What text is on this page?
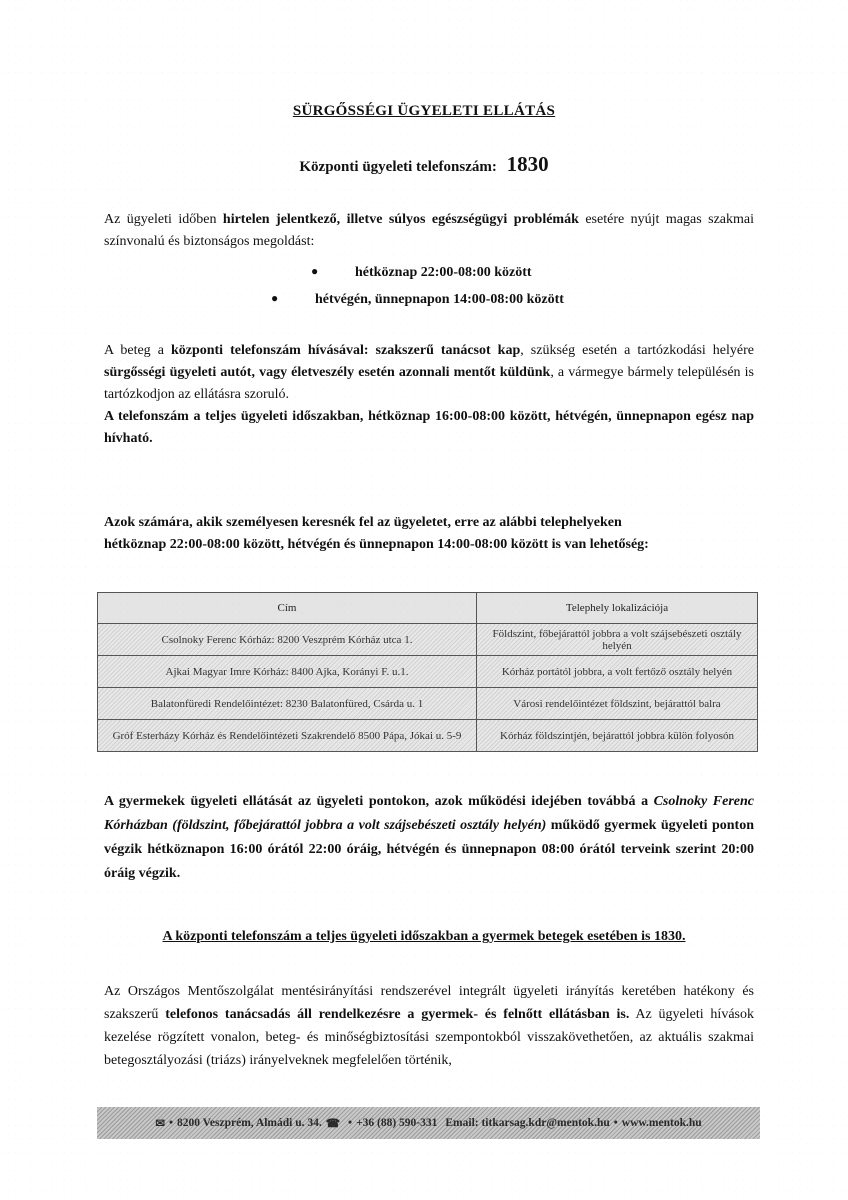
SÜRGŐSSÉGI ÜGYELETI ELLÁTÁS
Központi ügyeleti telefonszám: 1830
Az ügyeleti időben hirtelen jelentkező, illetve súlyos egészségügyi problémák esetére nyújt magas szakmai színvonalú és biztonságos megoldást:
●	hétköznap 22:00-08:00 között
●	hétvégén, ünnepnapon 14:00-08:00 között
A beteg a központi telefonszám hívásával: szakszerű tanácsot kap, szükség esetén a tartózkodási helyére sürgősségi ügyeleti autót, vagy életveszély esetén azonnali mentőt küldünk, a vármegye bármely településén is tartózkodjon az ellátásra szoruló.
A telefonszám a teljes ügyeleti időszakban, hétköznap 16:00-08:00 között, hétvégén, ünnepnapon egész nap hívható.
Azok számára, akik személyesen keresnék fel az ügyeletet, erre az alábbi telephelyeken
hétköznap 22:00-08:00 között, hétvégén és ünnepnapon 14:00-08:00 között is van lehetőség:
Cím	Telephely lokalizációja
Csolnoky Ferenc Kórház: 8200 Veszprém Kórház utca 1.	Földszint, főbejárattól jobbra a volt szájsebészeti osztály helyén
Ajkai Magyar Imre Kórház: 8400 Ajka, Korányi F. u.1.	Kórház portától jobbra, a volt fertőző osztály helyén
Balatonfüredi Rendelőintézet: 8230 Balatonfüred, Csárda u. 1	Városi rendelőintézet földszint, bejárattól balra
Gróf Esterházy Kórház és Rendelőintézeti Szakrendelő 8500 Pápa, Jókai u. 5-9	Kórház földszintjén, bejárattól jobbra külön folyosón
A gyermekek ügyeleti ellátását az ügyeleti pontokon, azok működési idejében továbbá a Csolnoky Ferenc Kórházban (földszint, főbejárattól jobbra a volt szájsebészeti osztály helyén) működő gyermek ügyeleti ponton végzik hétköznapon 16:00 órától 22:00 óráig, hétvégén és ünnepnapon 08:00 órától terveink szerint 20:00 óráig végzik.
A központi telefonszám a teljes ügyeleti időszakban a gyermek betegek esetében is 1830.
Az Országos Mentőszolgálat mentésirányítási rendszerével integrált ügyeleti irányítás keretében hatékony és szakszerű telefonos tanácsadás áll rendelkezésre a gyermek- és felnőtt ellátásban is. Az ügyeleti hívások kezelése rögzített vonalon, beteg- és minőségbiztosítási szempontokból visszakövethetően, az aktuális szakmai betegosztályozási (triázs) irányelveknek megfelelően történik,
✉ • 8200 Veszprém, Almádi u. 34. ☎ • +36 (88) 590-331 Email: titkarsag.kdr@mentok.hu • www.mentok.hu
